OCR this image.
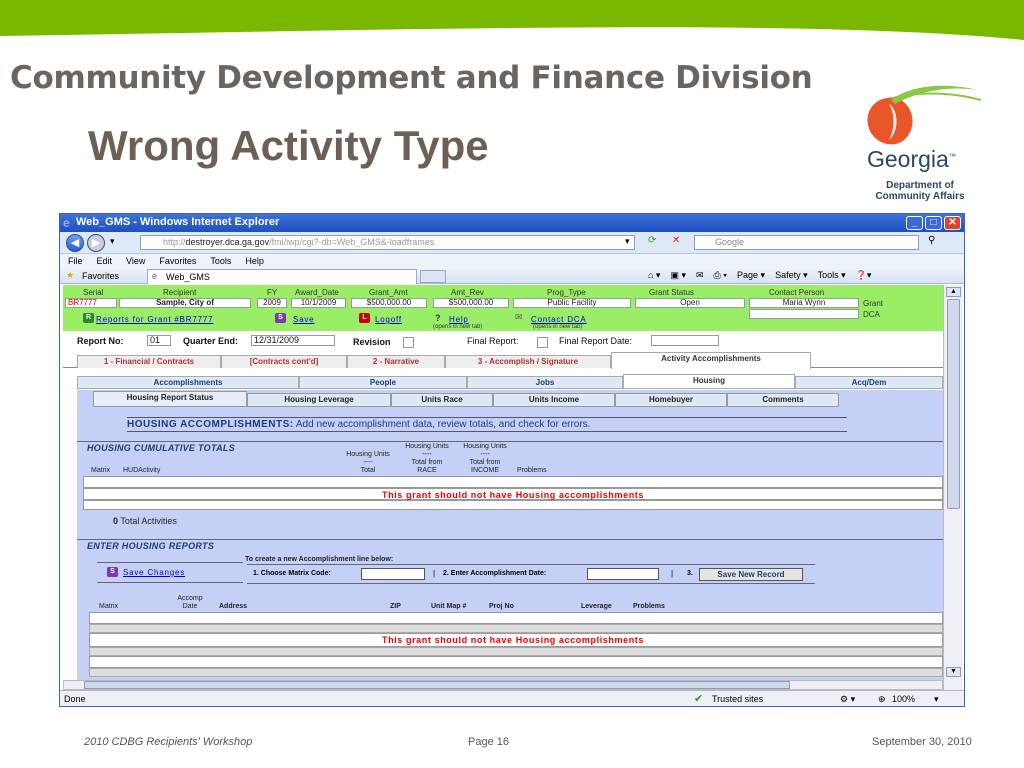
Community Development and Finance Division
Wrong Activity Type	Georgia™
Department of Community Affairs
e Web_GMS - Windows Internet Explorer	_	□	✕
◀	▶	▾	http://destroyer.dca.ga.gov/fmi/iwp/cgi?-db=Web_GMS&-loadframes	▾ ⟳ ✕	Google	⚲
File Edit View Favorites Tools Help
★ Favorites	e Web_GMS	⌂ ▾ ▣ ▾ ✉ ⎙ ▾ Page ▾ Safety ▾ Tools ▾ ❓▾
Serial	Recipient	FY Award_Date	Grant_Amt	Amt_Rev	Prog_Type	Grant Status	Contact Person
BR7777	Sample, City of	2009	10/1/2009	$500,000.00	$500,000.00	Public Facility	Open	Maria Wynn	Grant
DCA
R Reports for Grant #BR7777	S	Save	L	Logoff	? Help
(opens in new tab)
✉ Contact DCA
(opens in new tab)
Report No:	01	Quarter End:	12/31/2009	Revision	Final Report:	Final Report Date:
1 - Financial / Contracts	[Contracts cont'd]	2 - Narrative	3 - Accomplish / Signature	Activity Accomplishments
Accomplishments	People	Jobs	Housing	Acq/Dem
Housing Report Status	Housing Leverage	Units Race	Units Income	Homebuyer	Comments
HOUSING ACCOMPLISHMENTS: Add new accomplishment data, review totals, and check for errors.
HOUSING CUMULATIVE TOTALS
Housing Units
----
Total
Housing Units
----
Total from
RACE
Housing Units
----
Total from
INCOME	Problems
Matrix HUDActivity
This grant should not have Housing accomplishments
0 Total Activities
ENTER HOUSING REPORTS
To create a new Accomplishment line below:
S	Save Changes	1. Choose Matrix Code:	| 2. Enter Accomplishment Date:	| 3.	Save New Record
Matrix
Accomp
Date	Address	ZIP	Unit Map #	Proj No	Leverage	Problems
This grant should not have Housing accomplishments
▲
▼
Done	✔ Trusted sites	⚙ ▾	⊕ 100% ▾
2010 CDBG Recipients' Workshop	Page 16	September 30, 2010
